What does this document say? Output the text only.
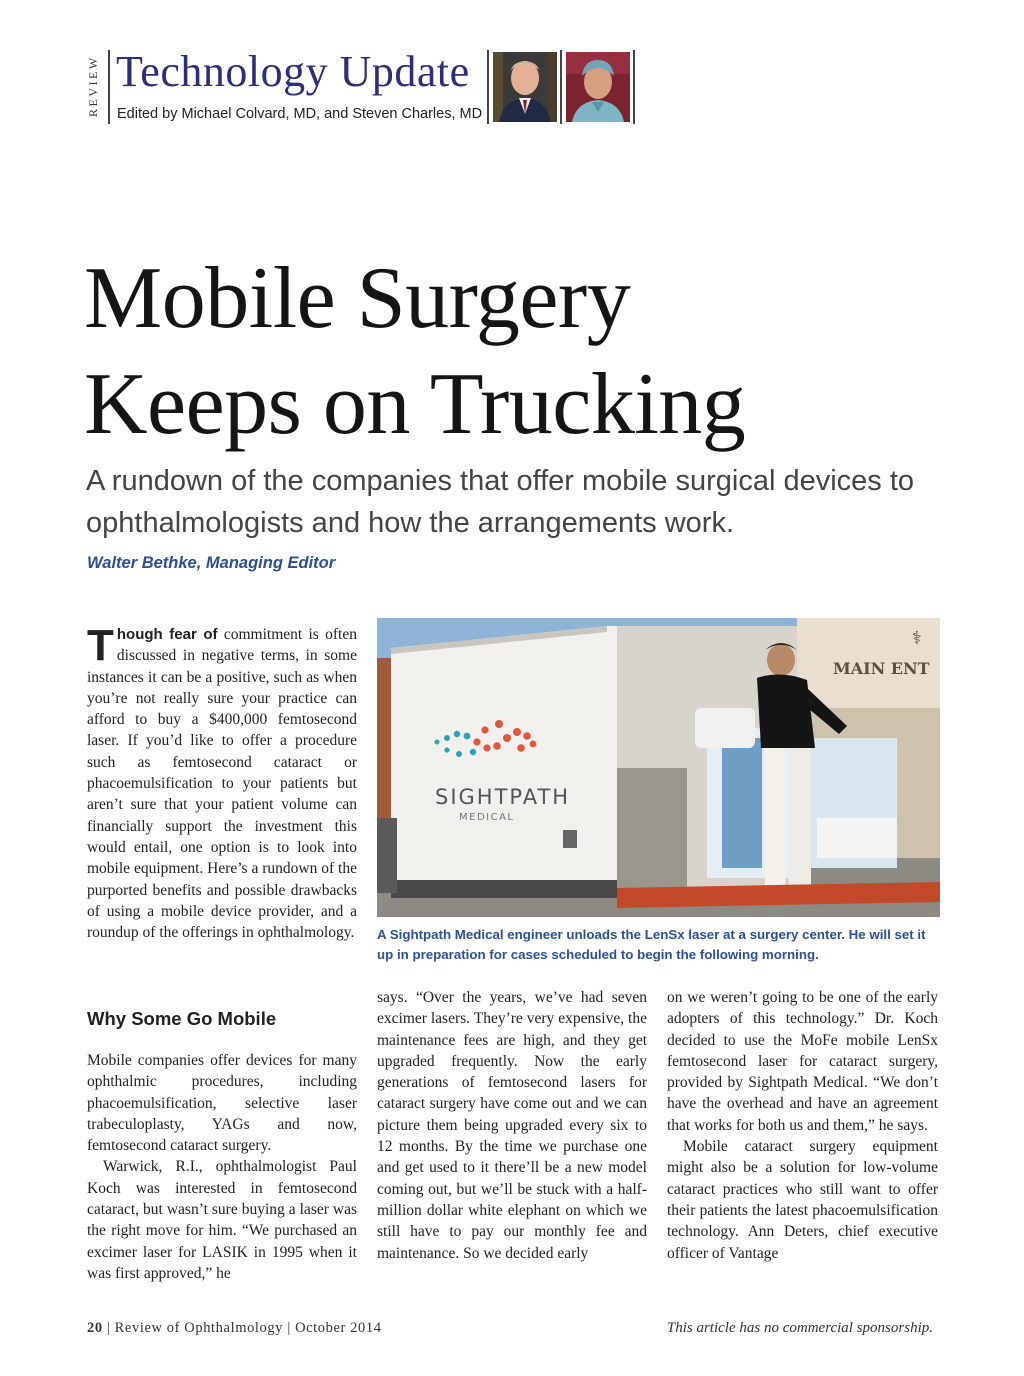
REVIEW Technology Update
Edited by Michael Colvard, MD, and Steven Charles, MD
Mobile Surgery
Keeps on Trucking
A rundown of the companies that offer mobile surgical devices to ophthalmologists and how the arrangements work.
Walter Bethke, Managing Editor

Though fear of commitment is often discussed in negative terms, in some instances it can be a positive, such as when you’re not really sure your practice can afford to buy a $400,000 femtosecond laser. If you’d like to offer a procedure such as femtosecond cataract or phacoemulsification to your patients but aren’t sure that your patient volume can financially support the investment this would entail, one option is to look into mobile equipment. Here’s a rundown of the purported benefits and possible drawbacks of using a mobile device provider, and a roundup of the offerings in ophthalmology.

Why Some Go Mobile

Mobile companies offer devices for many ophthalmic procedures, including phacoemulsification, selective laser trabeculoplasty, YAGs and now, femtosecond cataract surgery.

Warwick, R.I., ophthalmologist Paul Koch was interested in femtosecond cataract, but wasn’t sure buying a laser was the right move for him. “We purchased an excimer laser for LASIK in 1995 when it was first approved,” he

says. “Over the years, we’ve had seven excimer lasers. They’re very expensive, the maintenance fees are high, and they get upgraded frequently. Now the early generations of femtosecond lasers for cataract surgery have come out and we can picture them being upgraded every six to 12 months. By the time we purchase one and get used to it there’ll be a new model coming out, but we’ll be stuck with a half-million dollar white elephant on which we still have to pay our monthly fee and maintenance. So we decided early

on we weren’t going to be one of the early adopters of this technology.” Dr. Koch decided to use the MoFe mobile LenSx femtosecond laser for cataract surgery, provided by Sightpath Medical. “We don’t have the overhead and have an agreement that works for both us and them,” he says.

Mobile cataract surgery equipment might also be a solution for low-volume cataract practices who still want to offer their patients the latest phacoemulsification technology. Ann Deters, chief executive officer of Vantage

MAIN ENT
⚕
SIGHTPATH
MEDICAL
A Sightpath Medical engineer unloads the LenSx laser at a surgery center. He will set it up in preparation for cases scheduled to begin the following morning.
20 | Review of Ophthalmology | October 2014	This article has no commercial sponsorship.
